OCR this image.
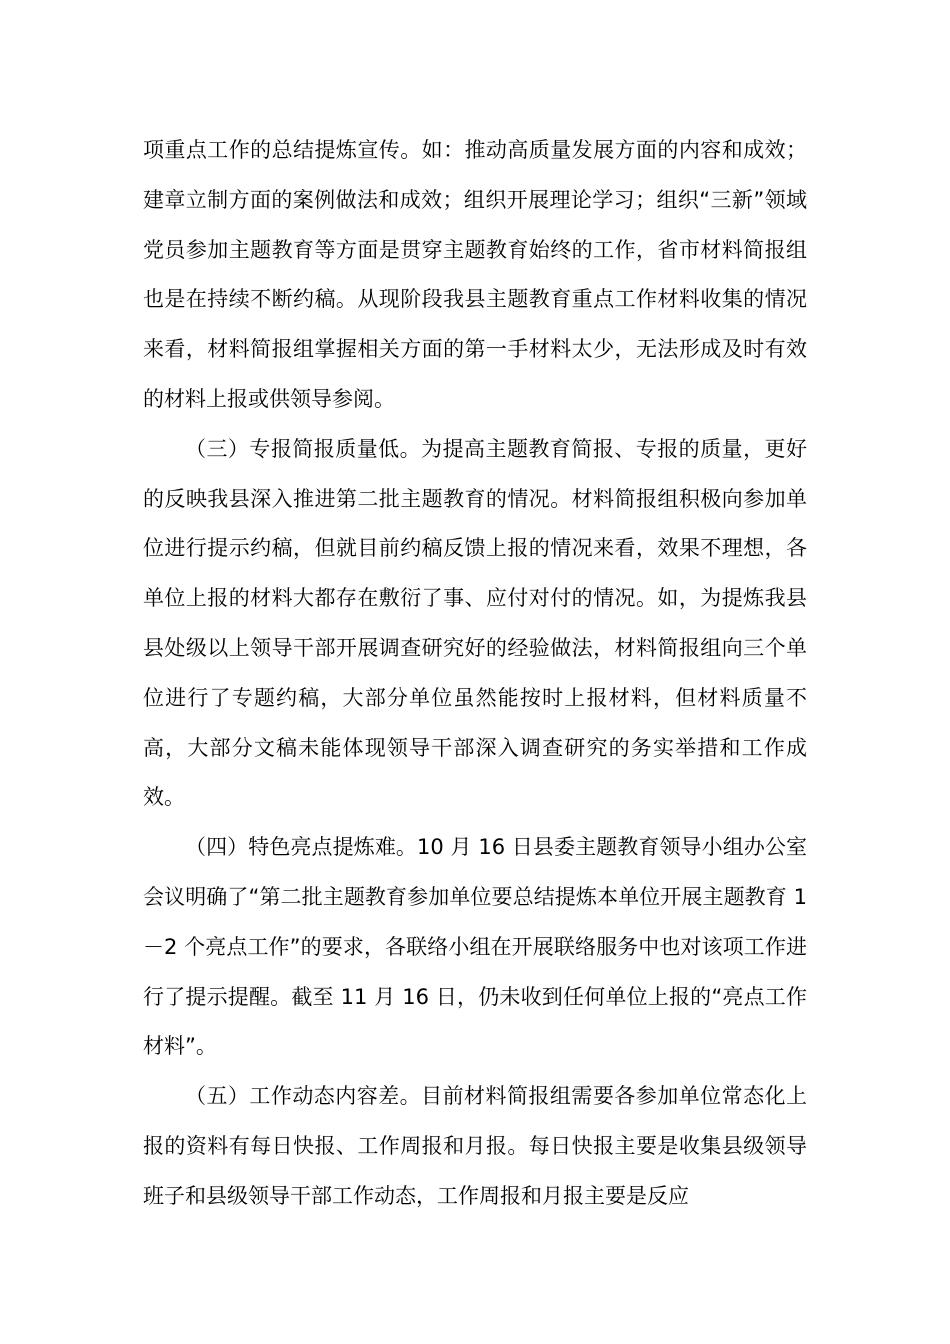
项重点工作的总结提炼宣传。如：推动高质量发展方面的内容和成效；建章立制方面的案例做法和成效；组织开展理论学习；组织“三新”领域党员参加主题教育等方面是贯穿主题教育始终的工作，省市材料简报组也是在持续不断约稿。从现阶段我县主题教育重点工作材料收集的情况来看，材料简报组掌握相关方面的第一手材料太少，无法形成及时有效的材料上报或供领导参阅。

（三）专报简报质量低。为提高主题教育简报、专报的质量，更好的反映我县深入推进第二批主题教育的情况。材料简报组积极向参加单位进行提示约稿，但就目前约稿反馈上报的情况来看，效果不理想，各单位上报的材料大都存在敷衍了事、应付对付的情况。如，为提炼我县县处级以上领导干部开展调查研究好的经验做法，材料简报组向三个单位进行了专题约稿，大部分单位虽然能按时上报材料，但材料质量不高，大部分文稿未能体现领导干部深入调查研究的务实举措和工作成效。

（四）特色亮点提炼难。10 月 16 日县委主题教育领导小组办公室会议明确了“第二批主题教育参加单位要总结提炼本单位开展主题教育 1－2 个亮点工作”的要求，各联络小组在开展联络服务中也对该项工作进行了提示提醒。截至 11 月 16 日，仍未收到任何单位上报的“亮点工作材料”。

（五）工作动态内容差。目前材料简报组需要各参加单位常态化上报的资料有每日快报、工作周报和月报。每日快报主要是收集县级领导班子和县级领导干部工作动态，工作周报和月报主要是反应
